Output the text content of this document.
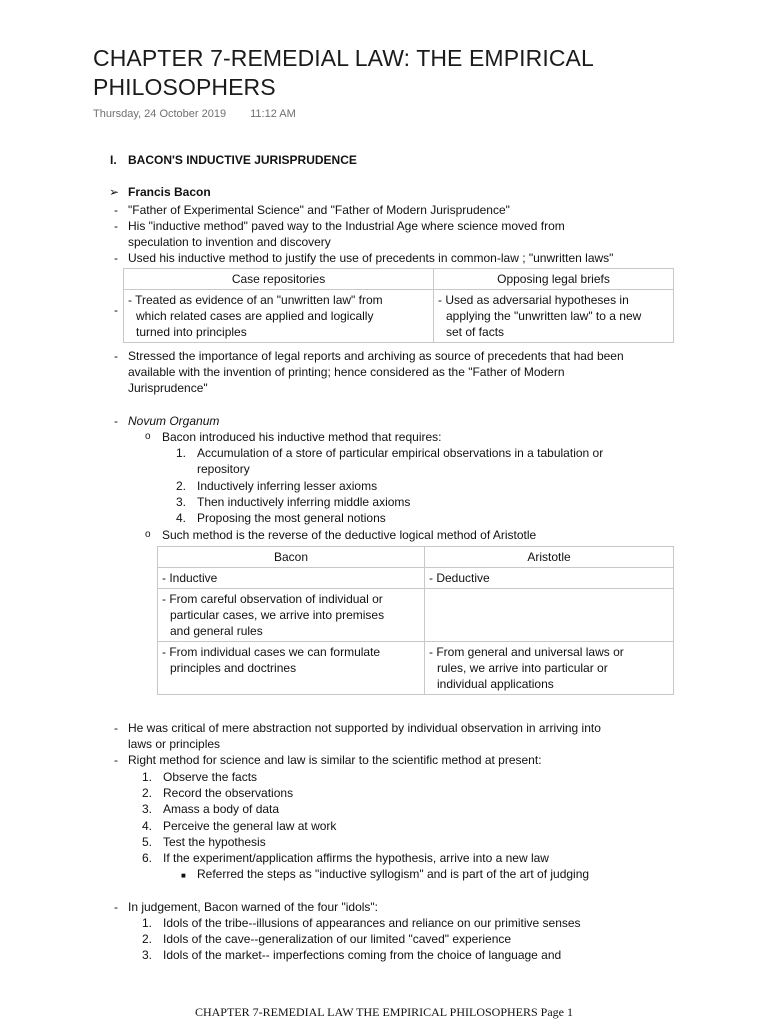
CHAPTER 7-REMEDIAL LAW: THE EMPIRICAL PHILOSOPHERS
Thursday, 24 October 2019 11:12 AM
I. BACON'S INDUCTIVE JURISPRUDENCE
➢ Francis Bacon
- "Father of Experimental Science" and "Father of Modern Jurisprudence"
- His "inductive method" paved way to the Industrial Age where science moved from
speculation to invention and discovery
- Used his inductive method to justify the use of precedents in common-law ; "unwritten laws"
-
Case repositories	Opposing legal briefs

- Treated as evidence of an "unwritten law" from
which related cases are applied and logically
turned into principles	- Used as adversarial hypotheses in
applying the "unwritten law" to a new
set of facts
- Stressed the importance of legal reports and archiving as source of precedents that had been
available with the invention of printing; hence considered as the "Father of Modern
Jurisprudence"
- Novum Organum
o Bacon introduced his inductive method that requires:
1. Accumulation of a store of particular empirical observations in a tabulation or
repository
2. Inductively inferring lesser axioms
3. Then inductively inferring middle axioms
4. Proposing the most general notions
o Such method is the reverse of the deductive logical method of Aristotle
Bacon	Aristotle

- Inductive	- Deductive

- From careful observation of individual or
particular cases, we arrive into premises
and general rules	

- From individual cases we can formulate
principles and doctrines	- From general and universal laws or
rules, we arrive into particular or
individual applications
- He was critical of mere abstraction not supported by individual observation in arriving into
laws or principles
- Right method for science and law is similar to the scientific method at present:
1. Observe the facts
2. Record the observations
3. Amass a body of data
4. Perceive the general law at work
5. Test the hypothesis
6. If the experiment/application affirms the hypothesis, arrive into a new law
■ Referred the steps as "inductive syllogism" and is part of the art of judging
- In judgement, Bacon warned of the four "idols":
1. Idols of the tribe--illusions of appearances and reliance on our primitive senses
2. Idols of the cave--generalization of our limited "caved" experience
3. Idols of the market-- imperfections coming from the choice of language and
CHAPTER 7-REMEDIAL LAW THE EMPIRICAL PHILOSOPHERS Page 1
